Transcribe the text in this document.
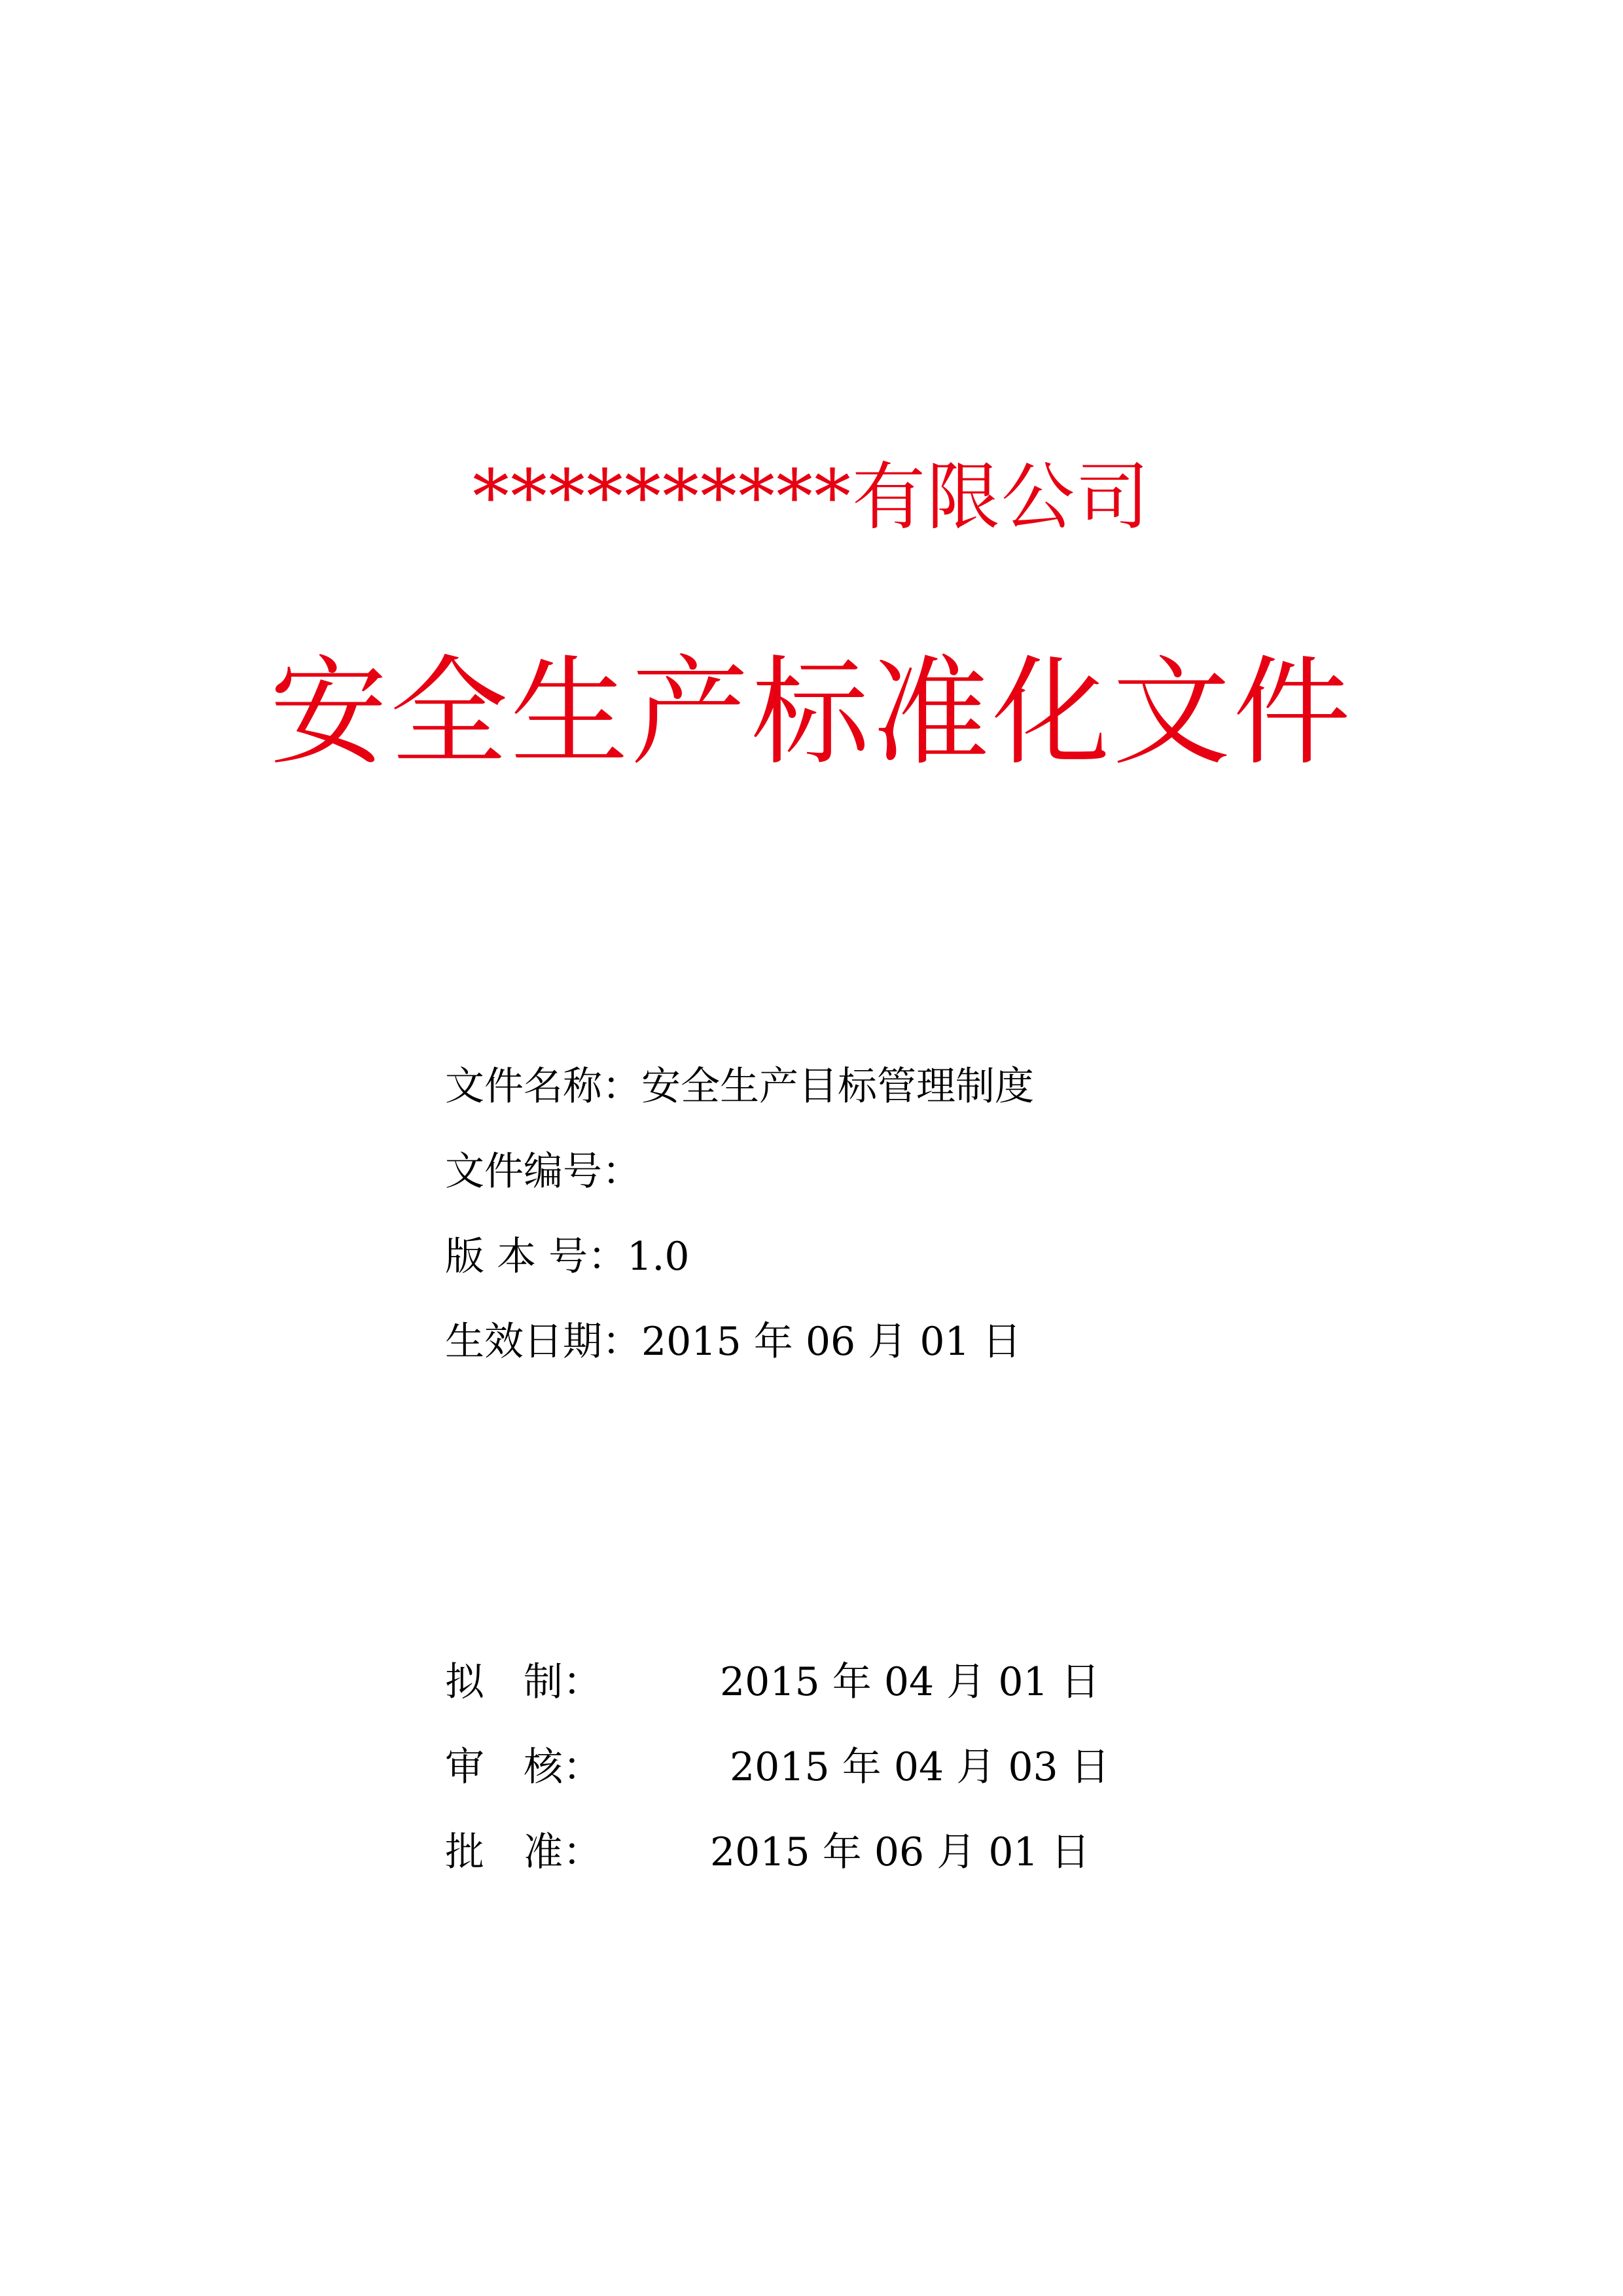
**********有限公司
安全生产标准化文件
文件名称：安全生产目标管理制度
文件编号：
版 本 号：1.0
生效日期：2015 年 06 月 01 日
拟　制：	2015 年 04 月 01 日
审　核：	2015 年 04 月 03 日
批　准：	2015 年 06 月 01 日
